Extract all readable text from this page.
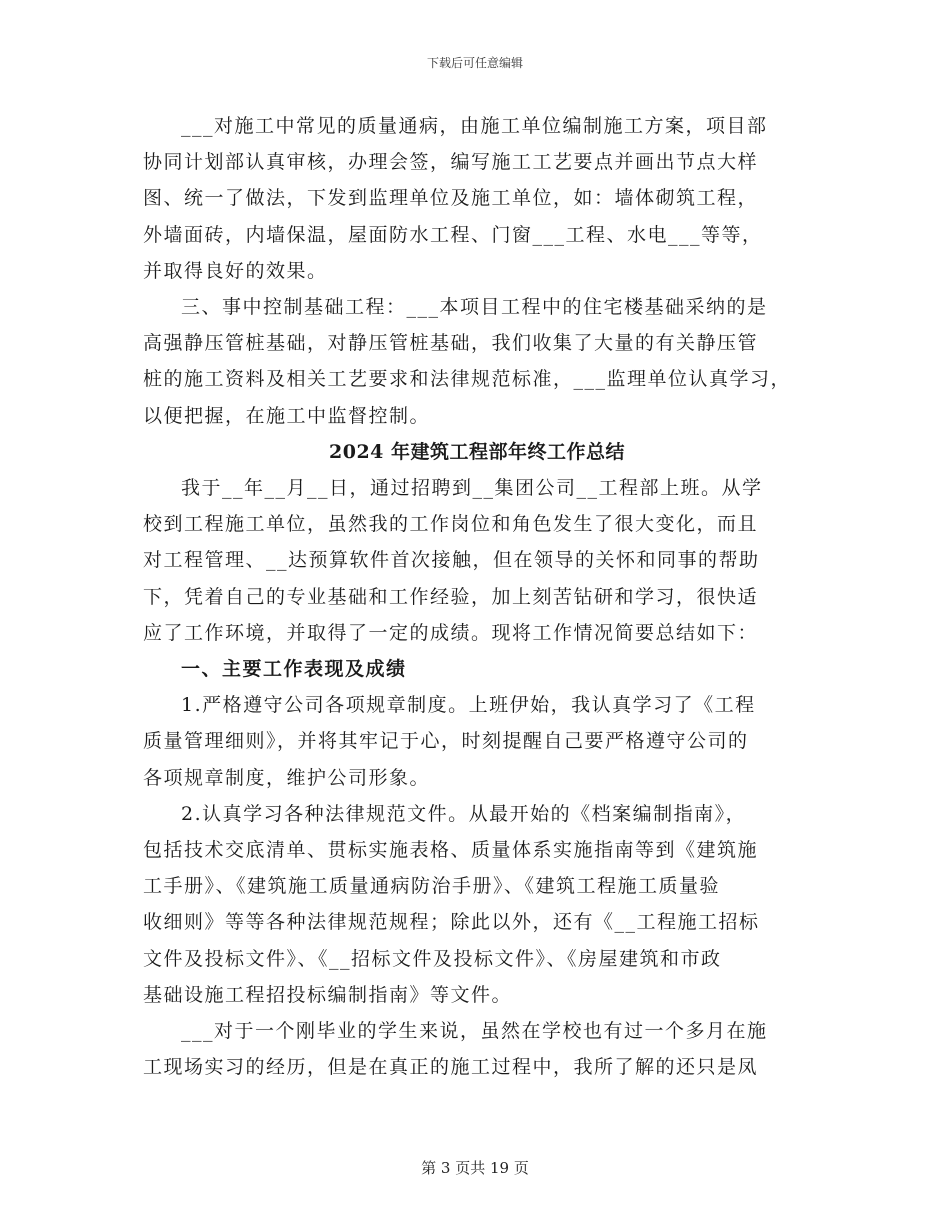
下载后可任意编辑
___对施工中常见的质量通病，由施工单位编制施工方案，项目部
协同计划部认真审核，办理会签，编写施工工艺要点并画出节点大样
图、统一了做法，下发到监理单位及施工单位，如：墙体砌筑工程，
外墙面砖，内墙保温，屋面防水工程、门窗___工程、水电___等等，
并取得良好的效果。
三、事中控制基础工程：___本项目工程中的住宅楼基础采纳的是
高强静压管桩基础，对静压管桩基础，我们收集了大量的有关静压管
桩的施工资料及相关工艺要求和法律规范标准，___监理单位认真学习，
以便把握，在施工中监督控制。
2024 年建筑工程部年终工作总结
我于__年__月__日，通过招聘到__集团公司__工程部上班。从学
校到工程施工单位，虽然我的工作岗位和角色发生了很大变化，而且
对工程管理、__达预算软件首次接触，但在领导的关怀和同事的帮助
下，凭着自己的专业基础和工作经验，加上刻苦钻研和学习，很快适
应了工作环境，并取得了一定的成绩。现将工作情况简要总结如下：
一、主要工作表现及成绩
1.严格遵守公司各项规章制度。上班伊始，我认真学习了《工程
质量管理细则》，并将其牢记于心，时刻提醒自己要严格遵守公司的
各项规章制度，维护公司形象。
2.认真学习各种法律规范文件。从最开始的《档案编制指南》，
包括技术交底清单、贯标实施表格、质量体系实施指南等到《建筑施
工手册》、《建筑施工质量通病防治手册》、《建筑工程施工质量验
收细则》等等各种法律规范规程；除此以外，还有《__工程施工招标
文件及投标文件》、《__招标文件及投标文件》、《房屋建筑和市政
基础设施工程招投标编制指南》等文件。
___对于一个刚毕业的学生来说，虽然在学校也有过一个多月在施
工现场实习的经历，但是在真正的施工过程中，我所了解的还只是凤
第 3 页共 19 页
